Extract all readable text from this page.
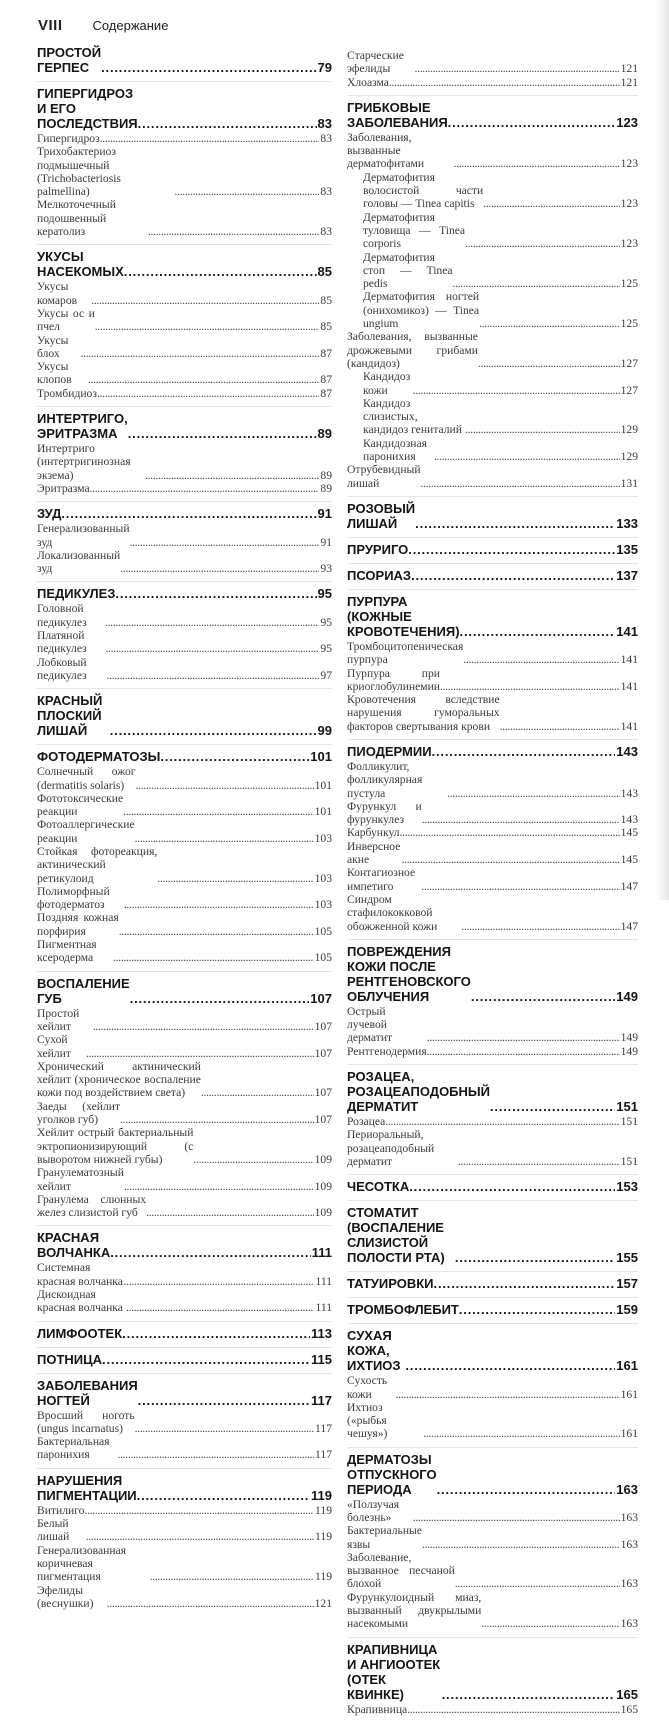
VIII Содержание
ПРОСТОЙ ГЕРПЕС . . .	79
ГИПЕРГИДРОЗ И ЕГО ПОСЛЕДСТВИЯ . . .	83
Гипергидроз . . .	83
Трихобактериоз подмышечный (Trichobacteriosis palmellina) . . .	83
Мелкоточечный подошвенный кератолиз . . .	83
УКУСЫ НАСЕКОМЫХ . . .	85
Укусы комаров . . .	85
Укусы ос и пчел . . .	85
Укусы блох . . .	87
Укусы клопов . . .	87
Тромбидиоз . . .	87
ИНТЕРТРИГО, ЭРИТРАЗМА . . .	89
Интертриго (интертригинозная экзема) . . .	89
Эритразма . . .	89
ЗУД . . .	91
Генерализованный зуд . . .	91
Локализованный зуд . . .	93
ПЕДИКУЛЕЗ . . .	95
Головной педикулез . . .	95
Платяной педикулез . . .	95
Лобковый педикулез . . .	97
КРАСНЫЙ ПЛОСКИЙ ЛИШАЙ . . .	99
ФОТОДЕРМАТОЗЫ . . .	101
Солнечный ожог (dermatitis solaris) . . .	101
Фототоксические реакции . . .	101
Фотоаллергические реакции . . .	103
Стойкая фотореакция, актинический ретикулоид . . .	103
Полиморфный фотодерматоз . . .	103
Поздняя кожная порфирия . . .	105
Пигментная ксеродерма . . .	105
ВОСПАЛЕНИЕ ГУБ . . .	107
Простой хейлит . . .	107
Сухой хейлит . . .	107
Хронический актинический хейлит (хроническое воспаление кожи под воздействием света) . . .	107
Заеды (хейлит уголков губ) . . .	107
Хейлит острый бактериальный эктропионизирующий (с выворотом нижней губы) . . .	109
Гранулематозный хейлит . . .	109
Гранулема слюнных желез слизистой губ . . .	109
КРАСНАЯ ВОЛЧАНКА . . .	111
Системная красная волчанка . . .	111
Дискоидная красная волчанка . . .	111
ЛИМФООТЕК . . .	113
ПОТНИЦА . . .	115
ЗАБОЛЕВАНИЯ НОГТЕЙ . . .	117
Вросший ноготь (ungus incarnatus) . . .	117
Бактериальная паронихия . . .	117
НАРУШЕНИЯ ПИГМЕНТАЦИИ . . .	119
Витилиго . . .	119
Белый лишай . . .	119
Генерализованная коричневая пигментация . . .	119
Эфелиды (веснушки) . . .	121
Старческие эфелиды . . .	121
Хлоазма . . .	121
ГРИБКОВЫЕ ЗАБОЛЕВАНИЯ . . .	123
Заболевания, вызванные дерматофитами . . .	123
Дерматофития волосистой части головы — Tinea capitis . . .	123
Дерматофития туловища — Tinea corporis . . .	123
Дерматофития стоп — Tinea pedis . . .	125
Дерматофития ногтей (онихомикоз) — Tinea ungium . . .	125
Заболевания, вызванные дрожжевыми грибами (кандидоз) . . .	127
Кандидоз кожи . . .	127
Кандидоз слизистых, кандидоз гениталий . . .	129
Кандидозная паронихия . . .	129
Отрубевидный лишай . . .	131
РОЗОВЫЙ ЛИШАЙ . . .	133
ПРУРИГО . . .	135
ПСОРИАЗ . . .	137
ПУРПУРА (КОЖНЫЕ КРОВОТЕЧЕНИЯ) . . .	141
Тромбоцитопеническая пурпура . . .	141
Пурпура при криоглобулинемии . . .	141
Кровотечения вследствие нарушения гуморальных факторов свертывания крови . . .	141
ПИОДЕРМИИ . . .	143
Фолликулит, фолликулярная пустула . . .	143
Фурункул и фурункулез . . .	143
Карбункул . . .	145
Инверсное акне . . .	145
Контагиозное импетиго . . .	147
Синдром стафилококковой обожженной кожи . . .	147
ПОВРЕЖДЕНИЯ КОЖИ ПОСЛЕ РЕНТГЕНОВСКОГО ОБЛУЧЕНИЯ . . .	149
Острый лучевой дерматит . . .	149
Рентгенодермия . . .	149
РОЗАЦЕА, РОЗАЦЕАПОДОБНЫЙ ДЕРМАТИТ . . .	151
Розацеа . . .	151
Периоральный, розацеаподобный дерматит . . .	151
ЧЕСОТКА . . .	153
СТОМАТИТ (ВОСПАЛЕНИЕ СЛИЗИСТОЙ ПОЛОСТИ РТА) . . .	155
ТАТУИРОВКИ . . .	157
ТРОМБОФЛЕБИТ . . .	159
СУХАЯ КОЖА, ИХТИОЗ . . .	161
Сухость кожи . . .	161
Ихтиоз («рыбья чешуя») . . .	161
ДЕРМАТОЗЫ ОТПУСКНОГО ПЕРИОДА . . .	163
«Ползучая болезнь» . . .	163
Бактериальные язвы . . .	163
Заболевание, вызванное песчаной блохой . . .	163
Фурункулоидный миаз, вызванный двукрылыми насекомыми . . .	163
КРАПИВНИЦА И АНГИООТЕК (ОТЕК КВИНКЕ) . . .	165
Крапивница . . .	165
